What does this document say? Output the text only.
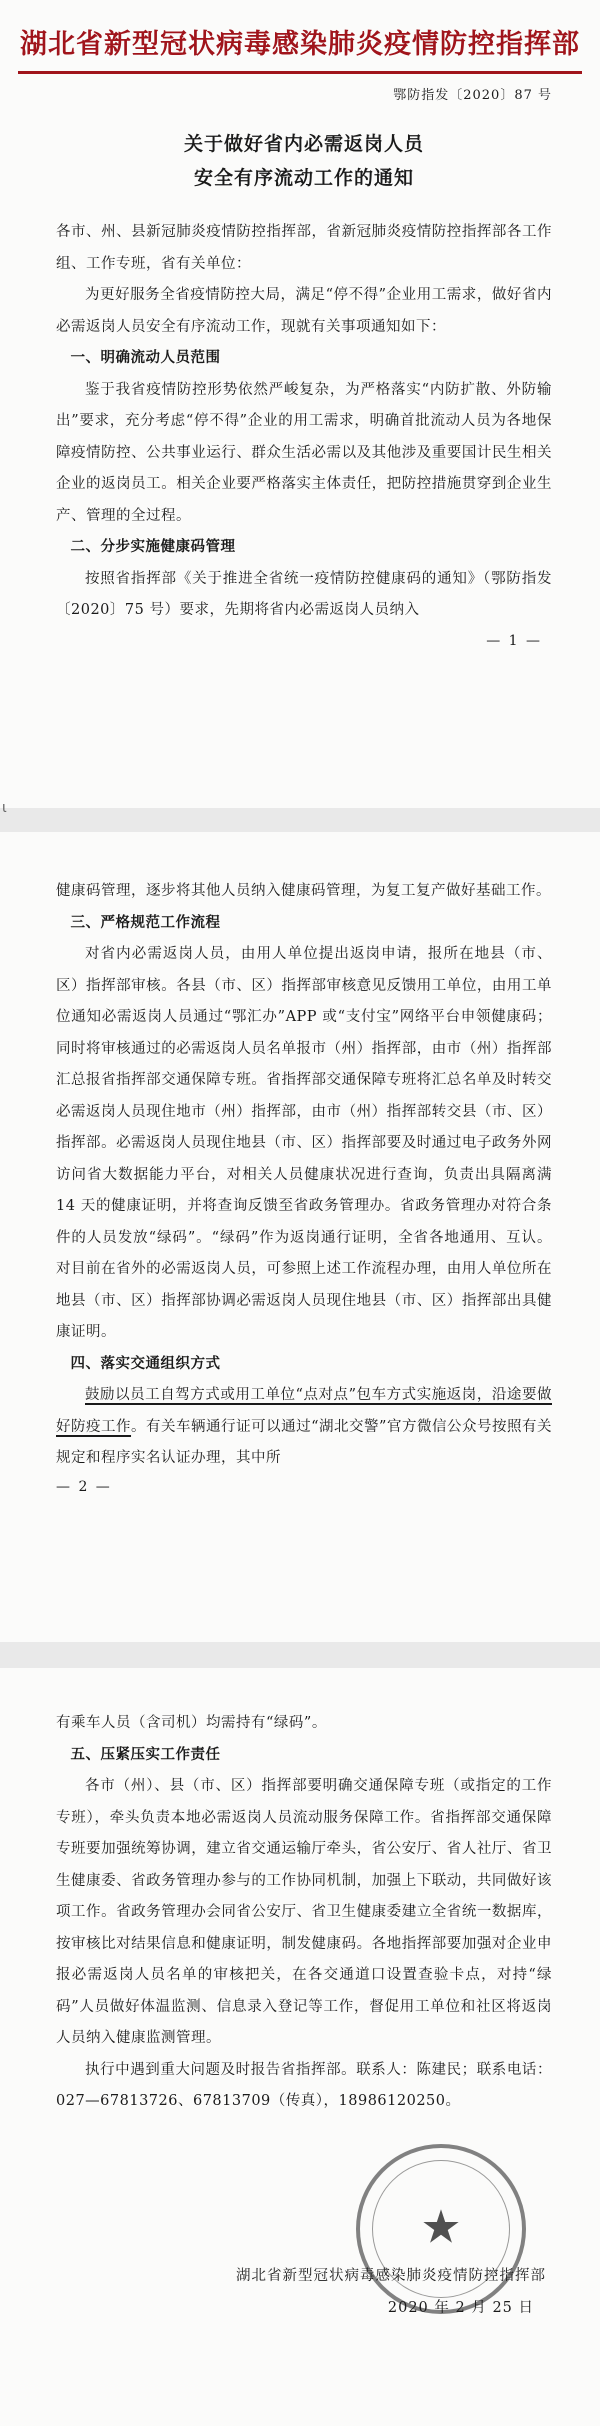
湖北省新型冠状病毒感染肺炎疫情防控指挥部
鄂防指发〔2020〕87 号
关于做好省内必需返岗人员
安全有序流动工作的通知

各市、州、县新冠肺炎疫情防控指挥部，省新冠肺炎疫情防控指挥部各工作组、工作专班，省有关单位：

为更好服务全省疫情防控大局，满足“停不得”企业用工需求，做好省内必需返岗人员安全有序流动工作，现就有关事项通知如下：

一、明确流动人员范围

鉴于我省疫情防控形势依然严峻复杂，为严格落实“内防扩散、外防输出”要求，充分考虑“停不得”企业的用工需求，明确首批流动人员为各地保障疫情防控、公共事业运行、群众生活必需以及其他涉及重要国计民生相关企业的返岗员工。相关企业要严格落实主体责任，把防控措施贯穿到企业生产、管理的全过程。

二、分步实施健康码管理

按照省指挥部《关于推进全省统一疫情防控健康码的通知》（鄂防指发〔2020〕75 号）要求，先期将省内必需返岗人员纳入

— 1 —
ι

健康码管理，逐步将其他人员纳入健康码管理，为复工复产做好基础工作。

三、严格规范工作流程

对省内必需返岗人员，由用人单位提出返岗申请，报所在地县（市、区）指挥部审核。各县（市、区）指挥部审核意见反馈用工单位，由用工单位通知必需返岗人员通过“鄂汇办”APP 或“支付宝”网络平台申领健康码；同时将审核通过的必需返岗人员名单报市（州）指挥部，由市（州）指挥部汇总报省指挥部交通保障专班。省指挥部交通保障专班将汇总名单及时转交必需返岗人员现住地市（州）指挥部，由市（州）指挥部转交县（市、区）指挥部。必需返岗人员现住地县（市、区）指挥部要及时通过电子政务外网访问省大数据能力平台，对相关人员健康状况进行查询，负责出具隔离满 14 天的健康证明，并将查询反馈至省政务管理办。省政务管理办对符合条件的人员发放“绿码”。“绿码”作为返岗通行证明，全省各地通用、互认。对目前在省外的必需返岗人员，可参照上述工作流程办理，由用人单位所在地县（市、区）指挥部协调必需返岗人员现住地县（市、区）指挥部出具健康证明。

四、落实交通组织方式

鼓励以员工自驾方式或用工单位“点对点”包车方式实施返岗，沿途要做好防疫工作。有关车辆通行证可以通过“湖北交警”官方微信公众号按照有关规定和程序实名认证办理，其中所

— 2 —

有乘车人员（含司机）均需持有“绿码”。

五、压紧压实工作责任

各市（州）、县（市、区）指挥部要明确交通保障专班（或指定的工作专班），牵头负责本地必需返岗人员流动服务保障工作。省指挥部交通保障专班要加强统筹协调，建立省交通运输厅牵头，省公安厅、省人社厅、省卫生健康委、省政务管理办参与的工作协同机制，加强上下联动，共同做好该项工作。省政务管理办会同省公安厅、省卫生健康委建立全省统一数据库，按审核比对结果信息和健康证明，制发健康码。各地指挥部要加强对企业申报必需返岗人员名单的审核把关，在各交通道口设置查验卡点，对持“绿码”人员做好体温监测、信息录入登记等工作，督促用工单位和社区将返岗人员纳入健康监测管理。

执行中遇到重大问题及时报告省指挥部。联系人：陈建民；联系电话：027—67813726、67813709（传真），18986120250。

★
湖北省新型冠状病毒感染肺炎疫情防控指挥部
2020 年 2 月 25 日
